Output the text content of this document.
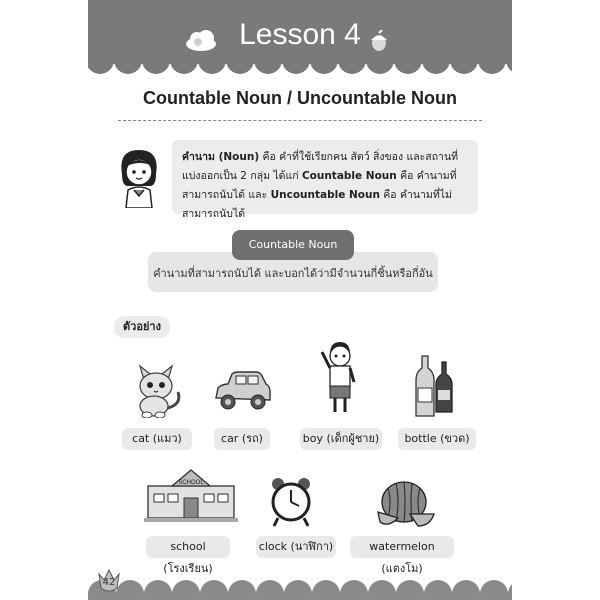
Lesson 4
Countable Noun / Uncountable Noun
คำนาม (Noun) คือ คำที่ใช้เรียกคน สัตว์ สิ่งของ และสถานที่ แบ่งออกเป็น 2 กลุ่ม ได้แก่ Countable Noun คือ คำนามที่สามารถนับได้ และ Uncountable Noun คือ คำนามที่ไม่สามารถนับได้
คำนามที่สามารถนับได้ และบอกได้ว่ามีจำนวนกี่ชิ้นหรือกี่อัน
Countable Noun
ตัวอย่าง
cat (แมว)	car (รถ)	boy (เด็กผู้ชาย)	bottle (ขวด)
SCHOOL
school (โรงเรียน)
clock (นาฬิกา)	watermelon (แตงโม)
42
